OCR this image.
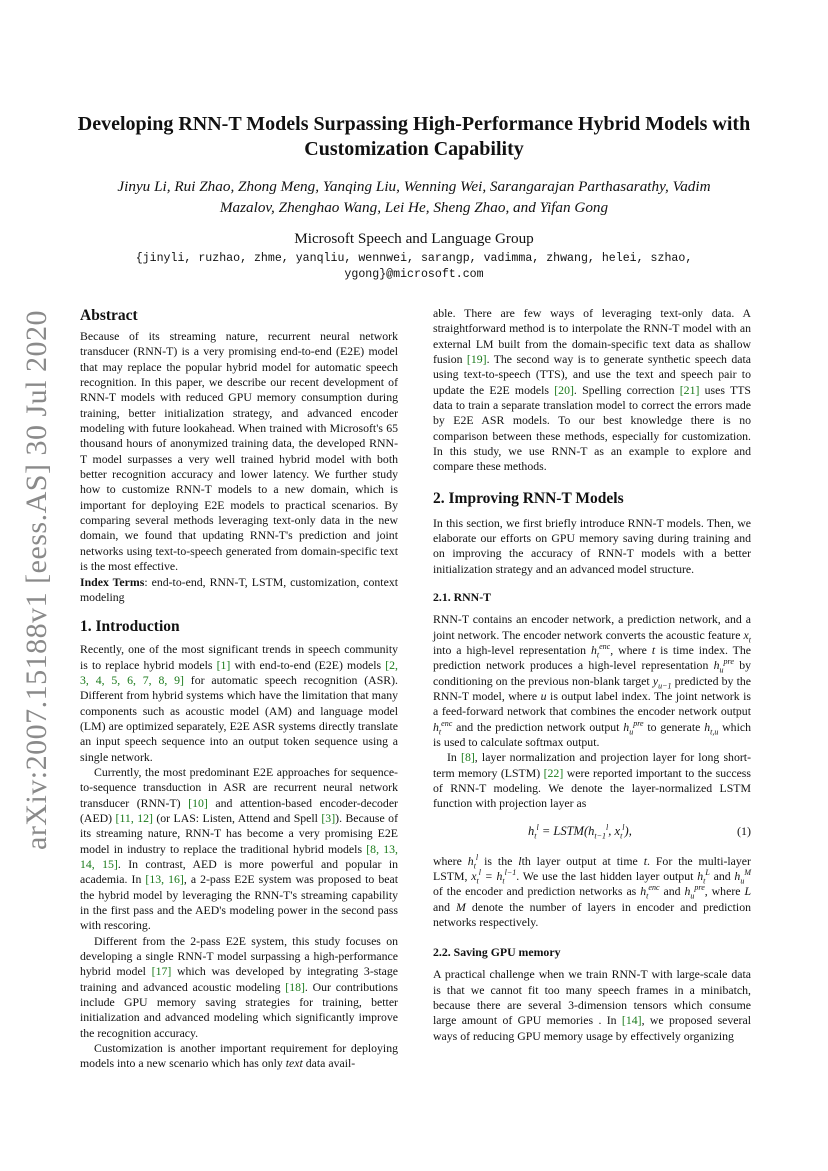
arXiv:2007.15188v1 [eess.AS] 30 Jul 2020
Developing RNN-T Models Surpassing High-Performance Hybrid Models with Customization Capability
Jinyu Li, Rui Zhao, Zhong Meng, Yanqing Liu, Wenning Wei, Sarangarajan Parthasarathy, Vadim Mazalov, Zhenghao Wang, Lei He, Sheng Zhao, and Yifan Gong
Microsoft Speech and Language Group
{jinyli, ruzhao, zhme, yanqliu, wennwei, sarangp, vadimma, zhwang, helei, szhao, ygong}@microsoft.com

Abstract

Because of its streaming nature, recurrent neural network transducer (RNN-T) is a very promising end-to-end (E2E) model that may replace the popular hybrid model for automatic speech recognition. In this paper, we describe our recent development of RNN-T models with reduced GPU memory consumption during training, better initialization strategy, and advanced encoder modeling with future lookahead. When trained with Microsoft's 65 thousand hours of anonymized training data, the developed RNN-T model surpasses a very well trained hybrid model with both better recognition accuracy and lower latency. We further study how to customize RNN-T models to a new domain, which is important for deploying E2E models to practical scenarios. By comparing several methods leveraging text-only data in the new domain, we found that updating RNN-T's prediction and joint networks using text-to-speech generated from domain-specific text is the most effective.

Index Terms: end-to-end, RNN-T, LSTM, customization, context modeling

1. Introduction

Recently, one of the most significant trends in speech community is to replace hybrid models [1] with end-to-end (E2E) models [2, 3, 4, 5, 6, 7, 8, 9] for automatic speech recognition (ASR). Different from hybrid systems which have the limitation that many components such as acoustic model (AM) and language model (LM) are optimized separately, E2E ASR systems directly translate an input speech sequence into an output token sequence using a single network.

Currently, the most predominant E2E approaches for sequence-to-sequence transduction in ASR are recurrent neural network transducer (RNN-T) [10] and attention-based encoder-decoder (AED) [11, 12] (or LAS: Listen, Attend and Spell [3]). Because of its streaming nature, RNN-T has become a very promising E2E model in industry to replace the traditional hybrid models [8, 13, 14, 15]. In contrast, AED is more powerful and popular in academia. In [13, 16], a 2-pass E2E system was proposed to beat the hybrid model by leveraging the RNN-T's streaming capability in the first pass and the AED's modeling power in the second pass with rescoring.

Different from the 2-pass E2E system, this study focuses on developing a single RNN-T model surpassing a high-performance hybrid model [17] which was developed by integrating 3-stage training and advanced acoustic modeling [18]. Our contributions include GPU memory saving strategies for training, better initialization and advanced modeling which significantly improve the recognition accuracy.

Customization is another important requirement for deploying models into a new scenario which has only text data avail-

able. There are few ways of leveraging text-only data. A straightforward method is to interpolate the RNN-T model with an external LM built from the domain-specific text data as shallow fusion [19]. The second way is to generate synthetic speech data using text-to-speech (TTS), and use the text and speech pair to update the E2E models [20]. Spelling correction [21] uses TTS data to train a separate translation model to correct the errors made by E2E ASR models. To our best knowledge there is no comparison between these methods, especially for customization. In this study, we use RNN-T as an example to explore and compare these methods.

2. Improving RNN-T Models

In this section, we first briefly introduce RNN-T models. Then, we elaborate our efforts on GPU memory saving during training and on improving the accuracy of RNN-T models with a better initialization strategy and an advanced model structure.

2.1. RNN-T

RNN-T contains an encoder network, a prediction network, and a joint network. The encoder network converts the acoustic feature $x_t$ into a high-level representation $h_t^{enc}$, where t is time index. The prediction network produces a high-level representation $h_u^{pre}$ by conditioning on the previous non-blank target $y_{u-1}$ predicted by the RNN-T model, where u is output label index. The joint network is a feed-forward network that combines the encoder network output $h_t^{enc}$ and the prediction network output $h_u^{pre}$ to generate $h_{t,u}$ which is used to calculate softmax output.

In [8], layer normalization and projection layer for long short-term memory (LSTM) [22] were reported important to the success of RNN-T modeling. We denote the layer-normalized LSTM function with projection layer as

$h_t^l$ = $LSTM(h_{t-1}^l$, $x_t^l$),	(1)

where $h_t^l$ is the lth layer output at time t. For the multi-layer LSTM, $x_t^l = h_t^{l-1}$. We use the last hidden layer output $h_t^L$ and $h_u^M$ of the encoder and prediction networks as $h_t^{enc}$ and $h_u^{pre}$, where L and M denote the number of layers in encoder and prediction networks respectively.

2.2. Saving GPU memory

A practical challenge when we train RNN-T with large-scale data is that we cannot fit too many speech frames in a minibatch, because there are several 3-dimension tensors which consume large amount of GPU memories . In [14], we proposed several ways of reducing GPU memory usage by effectively organizing
